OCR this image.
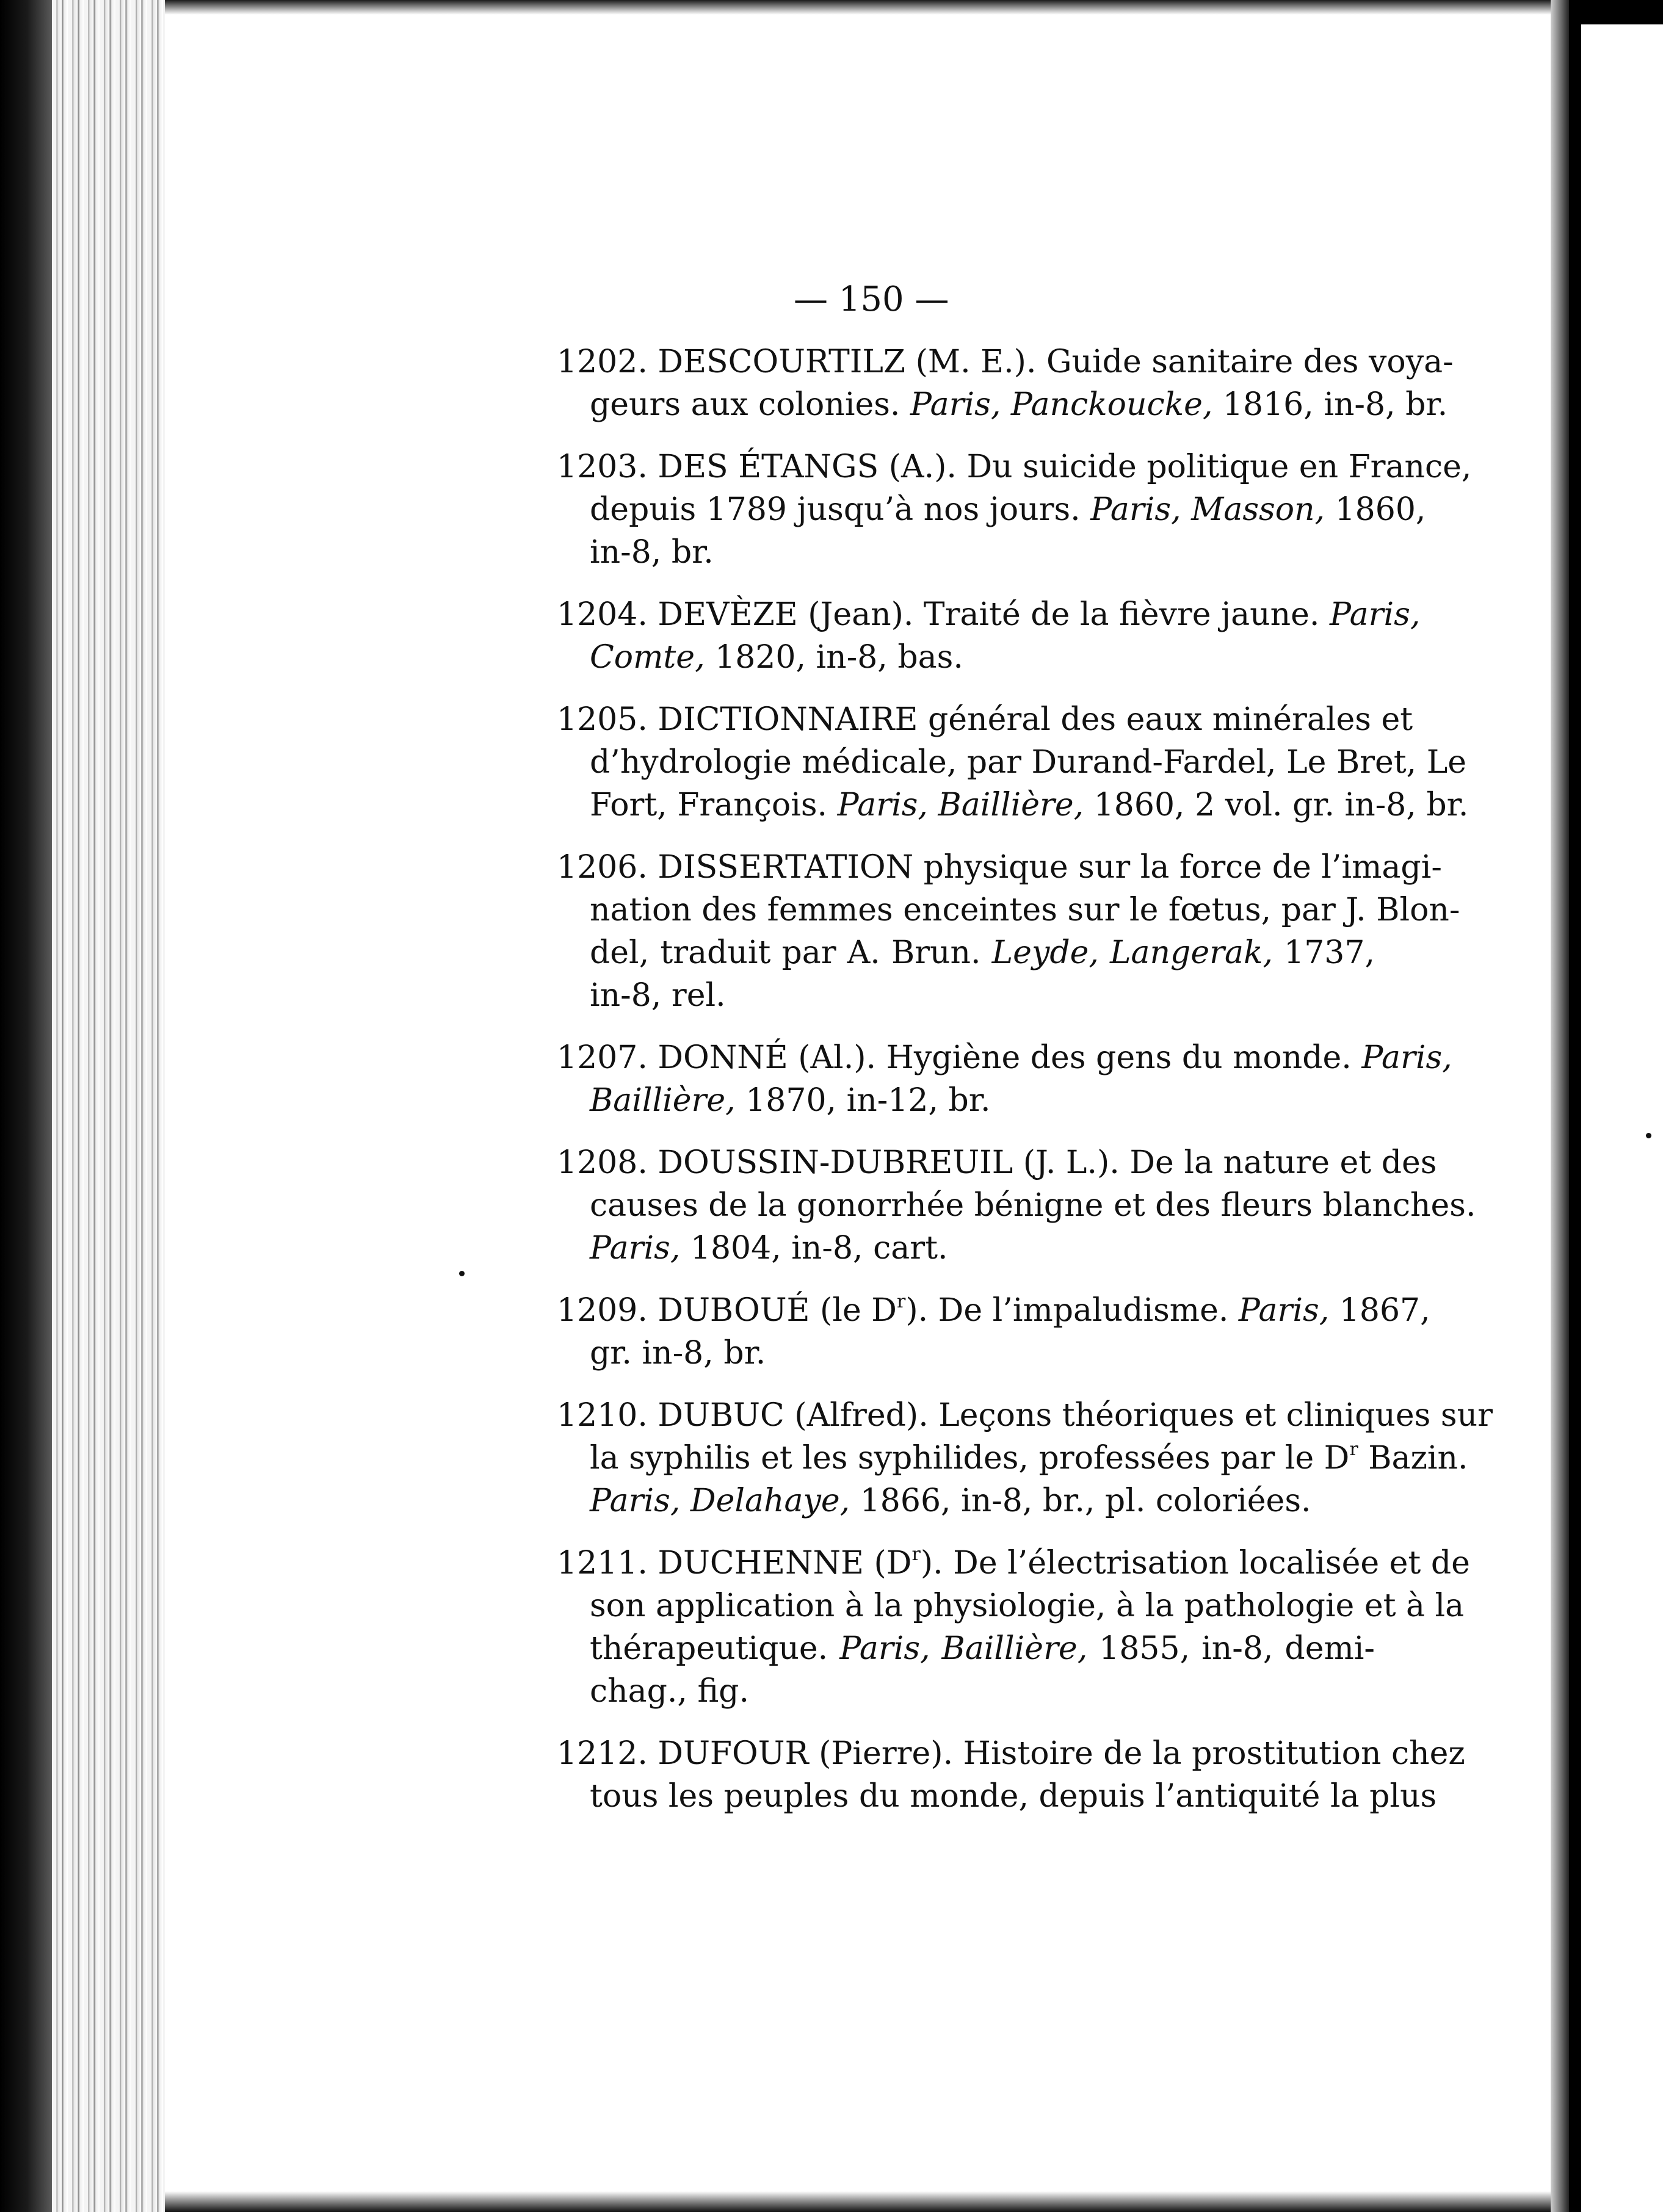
— 150 —
1202. DESCOURTILZ (M. E.). Guide sanitaire des voya-
geurs aux colonies. Paris, Panckoucke, 1816, in-8, br.
1203. DES ÉTANGS (A.). Du suicide politique en France,
depuis 1789 jusqu’à nos jours. Paris, Masson, 1860,
in-8, br.
1204. DEVÈZE (Jean). Traité de la fièvre jaune. Paris,
Comte, 1820, in-8, bas.
1205. DICTIONNAIRE général des eaux minérales et
d’hydrologie médicale, par Durand-Fardel, Le Bret, Le
Fort, François. Paris, Baillière, 1860, 2 vol. gr. in-8, br.
1206. DISSERTATION physique sur la force de l’imagi-
nation des femmes enceintes sur le fœtus, par J. Blon-
del, traduit par A. Brun. Leyde, Langerak, 1737,
in-8, rel.
1207. DONNÉ (Al.). Hygiène des gens du monde. Paris,
Baillière, 1870, in-12, br.
1208. DOUSSIN-DUBREUIL (J. L.). De la nature et des
causes de la gonorrhée bénigne et des fleurs blanches.
Paris, 1804, in-8, cart.
1209. DUBOUÉ (le $D^r$). De l’impaludisme. Paris, 1867,
gr. in-8, br.
1210. DUBUC (Alfred). Leçons théoriques et cliniques sur
la syphilis et les syphilides, professées par le $D^r$ Bazin.
Paris, Delahaye, 1866, in-8, br., pl. coloriées.
1211. DUCHENNE $(D^r)$. De l’électrisation localisée et de
son application à la physiologie, à la pathologie et à la
thérapeutique. Paris, Baillière, 1855, in-8, demi-
chag., fig.
1212. DUFOUR (Pierre). Histoire de la prostitution chez
tous les peuples du monde, depuis l’antiquité la plus
